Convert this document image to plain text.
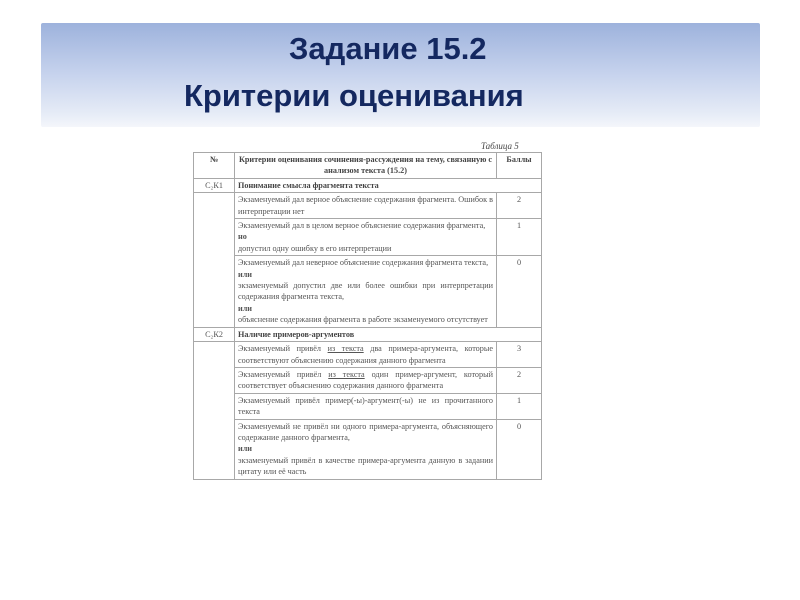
Задание 15.2
Критерии оценивания
Таблица 5
№	Критерии оценивания сочинения-рассуждения на тему, связанную с анализом текста (15.2)	Баллы
С₂К1	Понимание смысла фрагмента текста	
	Экзаменуемый дал верное объяснение содержания фрагмента. Ошибок в интерпретации нет	2
	Экзаменуемый дал в целом верное объяснение содержания фрагмента,
но
допустил одну ошибку в его интерпретации	1
	Экзаменуемый дал неверное объяснение содержания фрагмента текста,
или
экзаменуемый допустил две или более ошибки при интерпретации содержания фрагмента текста,
или
объяснение содержания фрагмента в работе экзаменуемого отсутствует	0
С₂К2	Наличие примеров-аргументов	
	Экзаменуемый привёл из текста два примера-аргумента, которые соответствуют объяснению содержания данного фрагмента	3
	Экзаменуемый привёл из текста один пример-аргумент, который соответствует объяснению содержания данного фрагмента	2
	Экзаменуемый привёл пример(-ы)-аргумент(-ы) не из прочитанного текста	1
	Экзаменуемый не привёл ни одного примера-аргумента, объясняющего содержание данного фрагмента,
или
экзаменуемый привёл в качестве примера-аргумента данную в задании цитату или её часть	0
